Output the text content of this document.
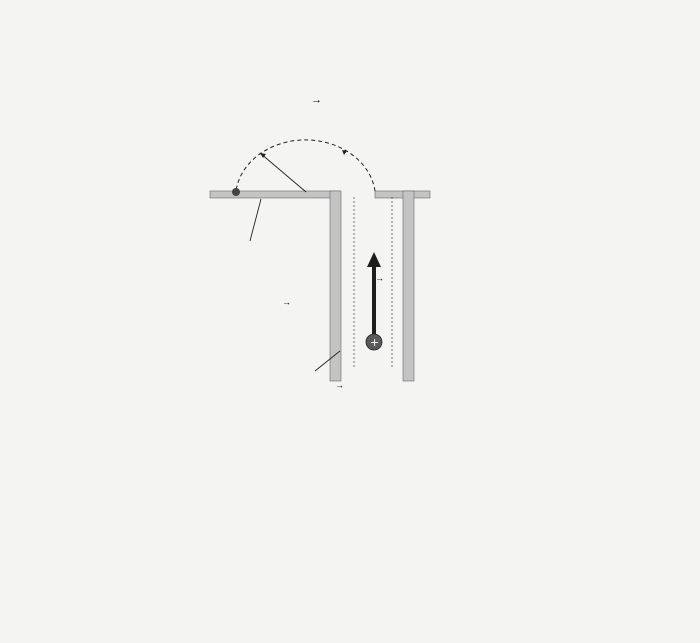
→
→
+
→
→
